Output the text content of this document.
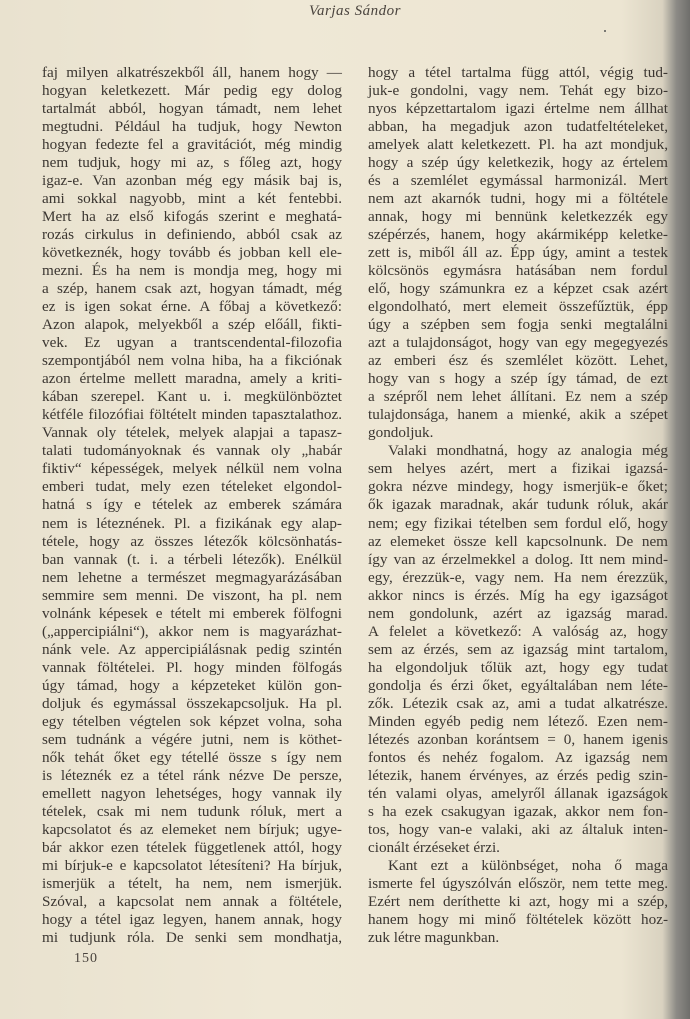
Varjas Sándor
faj milyen alkatrészekből áll, hanem hogy —
hogyan keletkezett. Már pedig egy dolog
tartalmát abból, hogyan támadt, nem lehet
megtudni. Például ha tudjuk, hogy Newton
hogyan fedezte fel a gravitációt, még mindig
nem tudjuk, hogy mi az, s főleg azt, hogy
igaz-e. Van azonban még egy másik baj is,
ami sokkal nagyobb, mint a két fentebbi.
Mert ha az első kifogás szerint e meghatá-
rozás cirkulus in definiendo, abból csak az
következnék, hogy tovább és jobban kell ele-
mezni. És ha nem is mondja meg, hogy mi
a szép, hanem csak azt, hogyan támadt, még
ez is igen sokat érne. A főbaj a következő:
Azon alapok, melyekből a szép előáll, fikti-
vek. Ez ugyan a trantscendental-filozofia
szempontjából nem volna hiba, ha a fikciónak
azon értelme mellett maradna, amely a kriti-
kában szerepel. Kant u. i. megkülönböztet
kétféle filozófiai föltételt minden tapasztalathoz.
Vannak oly tételek, melyek alapjai a tapasz-
talati tudományoknak és vannak oly „habár
fiktiv“ képességek, melyek nélkül nem volna
emberi tudat, mely ezen tételeket elgondol-
hatná s így e tételek az emberek számára
nem is léteznének. Pl. a fizikának egy alap-
tétele, hogy az összes létezők kölcsönhatás-
ban vannak (t. i. a térbeli létezők). Enélkül
nem lehetne a természet megmagyarázásában
semmire sem menni. De viszont, ha pl. nem
volnánk képesek e tételt mi emberek fölfogni
(„appercipiálni“), akkor nem is magyarázhat-
nánk vele. Az appercipiálásnak pedig szintén
vannak föltételei. Pl. hogy minden fölfogás
úgy támad, hogy a képzeteket külön gon-
doljuk és egymással összekapcsoljuk. Ha pl.
egy tételben végtelen sok képzet volna, soha
sem tudnánk a végére jutni, nem is köthet-
nők tehát őket egy tétellé össze s így nem
is léteznék ez a tétel ránk nézve De persze,
emellett nagyon lehetséges, hogy vannak ily
tételek, csak mi nem tudunk róluk, mert a
kapcsolatot és az elemeket nem bírjuk; ugye-
bár akkor ezen tételek függetlenek attól, hogy
mi bírjuk-e e kapcsolatot létesíteni? Ha bírjuk,
ismerjük a tételt, ha nem, nem ismerjük.
Szóval, a kapcsolat nem annak a föltétele,
hogy a tétel igaz legyen, hanem annak, hogy
mi tudjunk róla. De senki sem mondhatja,
hogy a tétel tartalma függ attól, végig tud-
juk-e gondolni, vagy nem. Tehát egy bizo-
nyos képzettartalom igazi értelme nem állhat
abban, ha megadjuk azon tudatfeltételeket,
amelyek alatt keletkezett. Pl. ha azt mondjuk,
hogy a szép úgy keletkezik, hogy az értelem
és a szemlélet egymással harmonizál. Mert
nem azt akarnók tudni, hogy mi a föltétele
annak, hogy mi bennünk keletkezzék egy
szépérzés, hanem, hogy akármiképp keletke-
zett is, miből áll az. Épp úgy, amint a testek
kölcsönös egymásra hatásában nem fordul
elő, hogy számunkra ez a képzet csak azért
elgondolható, mert elemeit összefűztük, épp
úgy a szépben sem fogja senki megtalálni
azt a tulajdonságot, hogy van egy megegyezés
az emberi ész és szemlélet között. Lehet,
hogy van s hogy a szép így támad, de ezt
a szépről nem lehet állítani. Ez nem a szép
tulajdonsága, hanem a mienké, akik a szépet
gondoljuk.
Valaki mondhatná, hogy az analogia még
sem helyes azért, mert a fizikai igazsá-
gokra nézve mindegy, hogy ismerjük-e őket;
ők igazak maradnak, akár tudunk róluk, akár
nem; egy fizikai tételben sem fordul elő, hogy
az elemeket össze kell kapcsolnunk. De nem
így van az érzelmekkel a dolog. Itt nem mind-
egy, érezzük-e, vagy nem. Ha nem érezzük,
akkor nincs is érzés. Míg ha egy igazságot
nem gondolunk, azért az igazság marad.
A felelet a következő: A valóság az, hogy
sem az érzés, sem az igazság mint tartalom,
ha elgondoljuk tőlük azt, hogy egy tudat
gondolja és érzi őket, egyáltalában nem léte-
zők. Létezik csak az, ami a tudat alkatrésze.
Minden egyéb pedig nem létező. Ezen nem-
létezés azonban korántsem = 0, hanem igenis
fontos és nehéz fogalom. Az igazság nem
létezik, hanem érvényes, az érzés pedig szin-
tén valami olyas, amelyről állanak igazságok
s ha ezek csakugyan igazak, akkor nem fon-
tos, hogy van-e valaki, aki az általuk inten-
cionált érzéseket érzi.
Kant ezt a különbséget, noha ő maga
ismerte fel úgyszólván először, nem tette meg.
Ezért nem deríthette ki azt, hogy mi a szép,
hanem hogy mi minő föltételek között hoz-
zuk létre magunkban.
150
